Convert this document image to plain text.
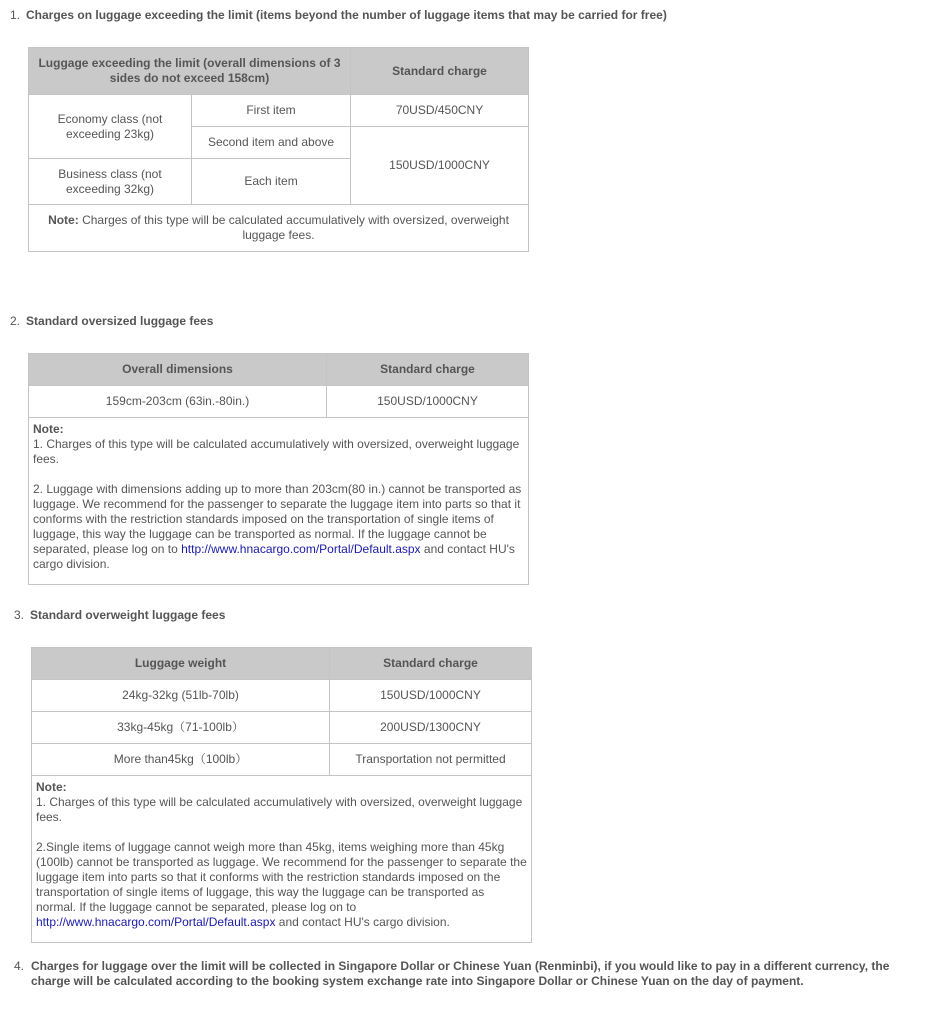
1. Charges on luggage exceeding the limit (items beyond the number of luggage items that may be carried for free)
Luggage exceeding the limit (overall dimensions of 3 sides do not exceed 158cm)		Standard charge
Economy class (not exceeding 23kg)	First item	70USD/450CNY
	Second item and above	150USD/1000CNY
Business class (not exceeding 32kg)	Each item	
Note: Charges of this type will be calculated accumulatively with oversized, overweight luggage fees.		
2. Standard oversized luggage fees
Overall dimensions	Standard charge
159cm-203cm (63in.-80in.)	150USD/1000CNY

Note:

1. Charges of this type will be calculated accumulatively with oversized, overweight luggage fees.

2. Luggage with dimensions adding up to more than 203cm(80 in.) cannot be transported as luggage. We recommend for the passenger to separate the luggage item into parts so that it conforms with the restriction standards imposed on the transportation of single items of luggage, this way the luggage can be transported as normal. If the luggage cannot be separated, please log on to http://www.hnacargo.com/Portal/Default.aspx and contact HU's cargo division.	

3. Standard overweight luggage fees
Luggage weight	Standard charge
24kg-32kg (51lb-70lb)	150USD/1000CNY
33kg-45kg（71-100lb）	200USD/1300CNY
More than45kg（100lb）	Transportation not permitted

Note:

1. Charges of this type will be calculated accumulatively with oversized, overweight luggage fees.

2.Single items of luggage cannot weigh more than 45kg, items weighing more than 45kg (100lb) cannot be transported as luggage. We recommend for the passenger to separate the luggage item into parts so that it conforms with the restriction standards imposed on the transportation of single items of luggage, this way the luggage can be transported as normal. If the luggage cannot be separated, please log on to http://www.hnacargo.com/Portal/Default.aspx and contact HU's cargo division.	

4. Charges for luggage over the limit will be collected in Singapore Dollar or Chinese Yuan (Renminbi), if you would like to pay in a different currency, the charge will be calculated according to the booking system exchange rate into Singapore Dollar or Chinese Yuan on the day of payment.
